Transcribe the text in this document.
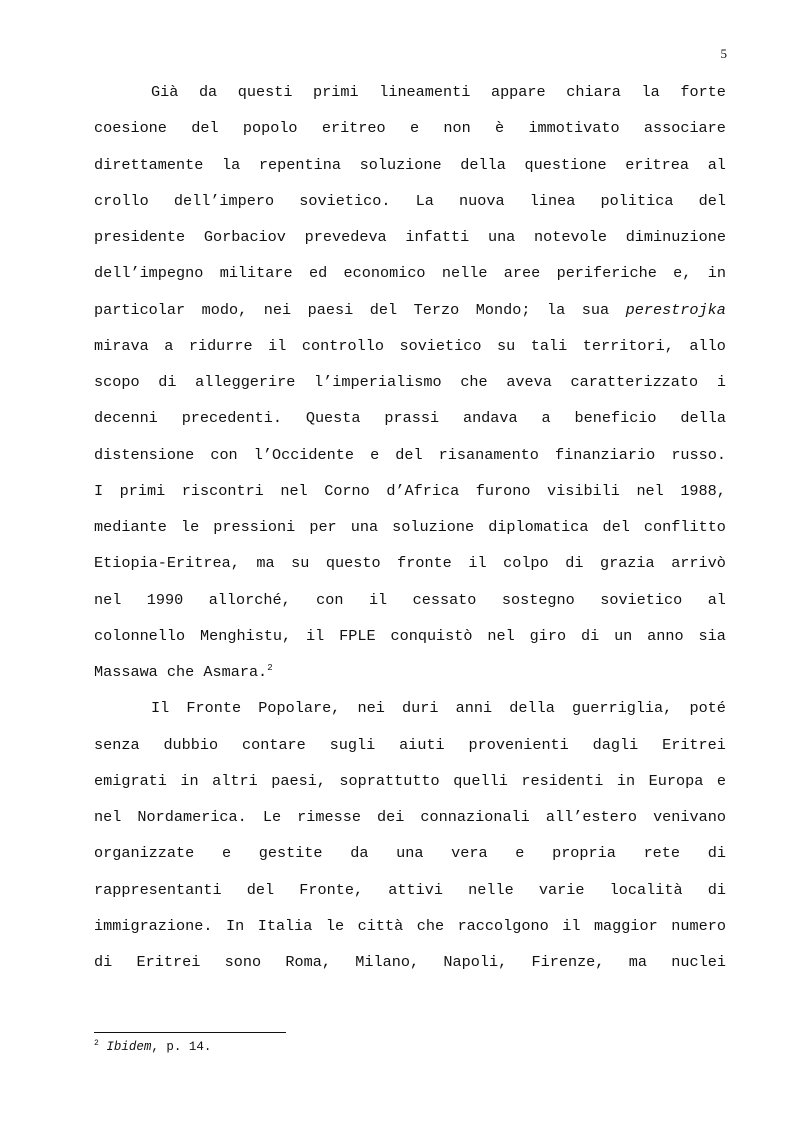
5
Già da questi primi lineamenti appare chiara la forte
coesione del popolo eritreo e non è immotivato associare
direttamente la repentina soluzione della questione eritrea al
crollo dell’impero sovietico. La nuova linea politica del
presidente Gorbaciov prevedeva infatti una notevole diminuzione
dell’impegno militare ed economico nelle aree periferiche e, in
particolar modo, nei paesi del Terzo Mondo; la sua perestrojka
mirava a ridurre il controllo sovietico su tali territori, allo
scopo di alleggerire l’imperialismo che aveva caratterizzato i
decenni precedenti. Questa prassi andava a beneficio della
distensione con l’Occidente e del risanamento finanziario russo.
I primi riscontri nel Corno d’Africa furono visibili nel 1988,
mediante le pressioni per una soluzione diplomatica del conflitto
Etiopia-Eritrea, ma su questo fronte il colpo di grazia arrivò
nel 1990 allorché, con il cessato sostegno sovietico al
colonnello Menghistu, il FPLE conquistò nel giro di un anno sia
Massawa che Asmara.$^2$
Il Fronte Popolare, nei duri anni della guerriglia, poté
senza dubbio contare sugli aiuti provenienti dagli Eritrei
emigrati in altri paesi, soprattutto quelli residenti in Europa e
nel Nordamerica. Le rimesse dei connazionali all’estero venivano
organizzate e gestite da una vera e propria rete di
rappresentanti del Fronte, attivi nelle varie località di
immigrazione. In Italia le città che raccolgono il maggior numero
di Eritrei sono Roma, Milano, Napoli, Firenze, ma nuclei
$^2$ Ibidem, p. 14.
